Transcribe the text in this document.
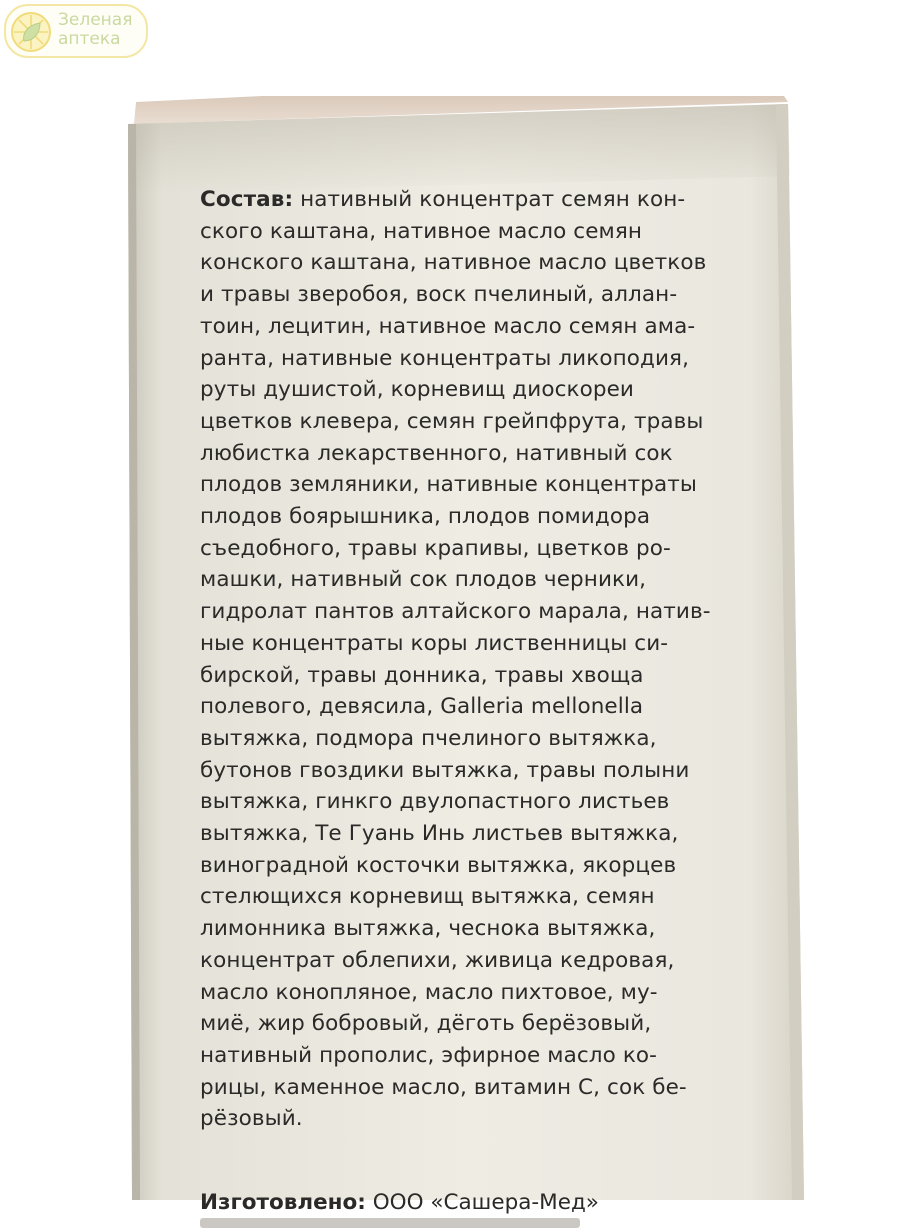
Зеленая
аптека
Состав: нативный концентрат семян кон-
ского каштана, нативное масло семян
конского каштана, нативное масло цветков
и травы зверобоя, воск пчелиный, аллан-
тоин, лецитин, нативное масло семян ама-
ранта, нативные концентраты ликоподия,
руты душистой, корневищ диоскореи
цветков клевера, семян грейпфрута, травы
любистка лекарственного, нативный сок
плодов земляники, нативные концентраты
плодов боярышника, плодов помидора
съедобного, травы крапивы, цветков ро-
машки, нативный сок плодов черники,
гидролат пантов алтайского марала, натив-
ные концентраты коры лиственницы си-
бирской, травы донника, травы хвоща
полевого, девясила, Galleria mellonella
вытяжка, подмора пчелиного вытяжка,
бутонов гвоздики вытяжка, травы полыни
вытяжка, гинкго двулопастного листьев
вытяжка, Те Гуань Инь листьев вытяжка,
виноградной косточки вытяжка, якорцев
стелющихся корневищ вытяжка, семян
лимонника вытяжка, чеснока вытяжка,
концентрат облепихи, живица кедровая,
масло конопляное, масло пихтовое, му-
миё, жир бобровый, дёготь берёзовый,
нативный прополис, эфирное масло ко-
рицы, каменное масло, витамин С, сок бе-
рёзовый.
Изготовлено: ООО «Сашера-Мед»
